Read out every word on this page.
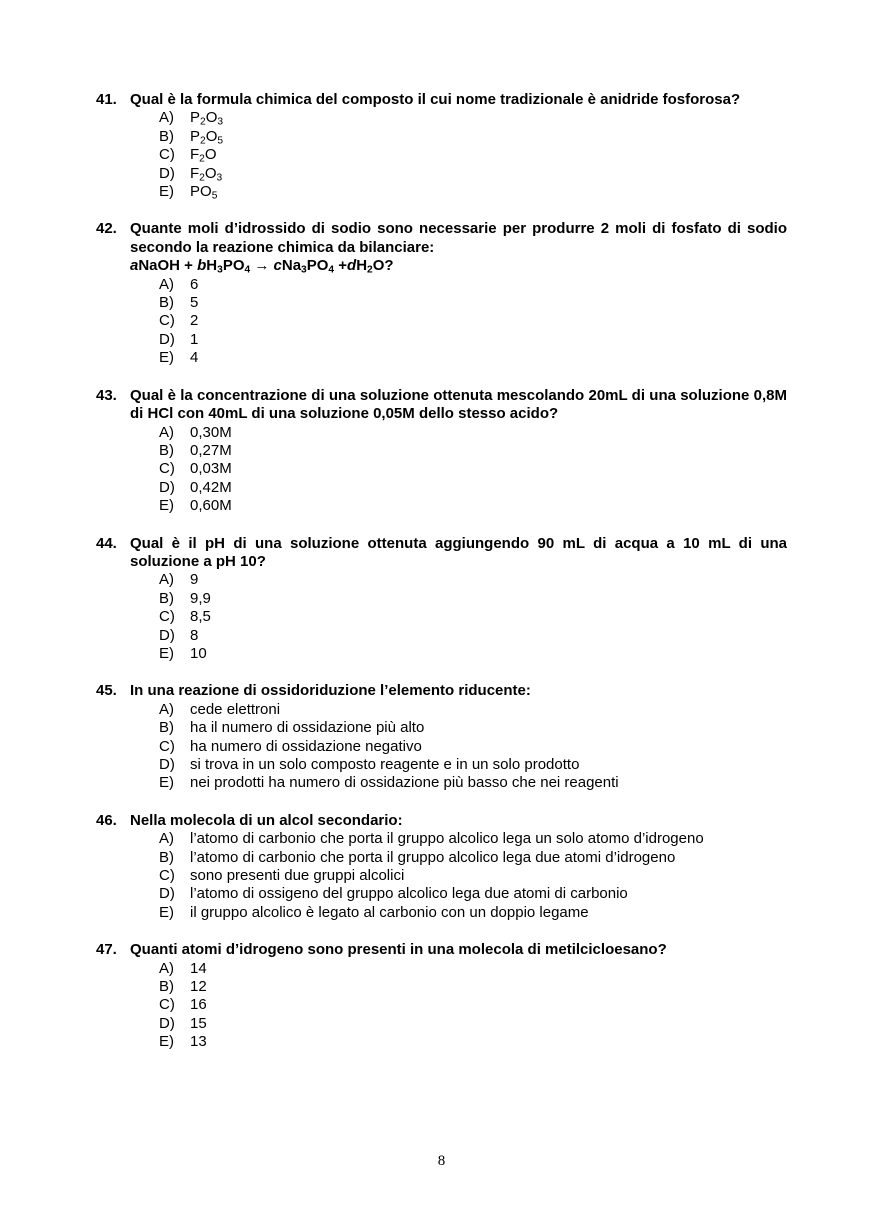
41. Qual è la formula chimica del composto il cui nome tradizionale è anidride fosforosa?

A)	$P_2O_3$
B)	$P_2O_5$
C)	$F_2O$
D)	$F_2O_3$
E)	$PO_5$
42. Quante moli d’idrossido di sodio sono necessarie per produrre 2 moli di fosfato di sodio secondo la reazione chimica da bilanciare:
aNaOH + $bH_3PO_4 \to cNa_3PO_4 +dH_2O$?

A)	6
B)	5
C)	2
D)	1
E)	4
43. Qual è la concentrazione di una soluzione ottenuta mescolando 20mL di una soluzione 0,8M di HCl con 40mL di una soluzione 0,05M dello stesso acido?

A)	0,30M
B)	0,27M
C)	0,03M
D)	0,42M
E)	0,60M
44. Qual è il pH di una soluzione ottenuta aggiungendo 90 mL di acqua a 10 mL di una soluzione a pH 10?

A)	9
B)	9,9
C)	8,5
D)	8
E)	10
45. In una reazione di ossidoriduzione l’elemento riducente:

A)	cede elettroni
B)	ha il numero di ossidazione più alto
C)	ha numero di ossidazione negativo
D)	si trova in un solo composto reagente e in un solo prodotto
E)	nei prodotti ha numero di ossidazione più basso che nei reagenti
46. Nella molecola di un alcol secondario:

A)	l’atomo di carbonio che porta il gruppo alcolico lega un solo atomo d’idrogeno
B)	l’atomo di carbonio che porta il gruppo alcolico lega due atomi d’idrogeno
C)	sono presenti due gruppi alcolici
D)	l’atomo di ossigeno del gruppo alcolico lega due atomi di carbonio
E)	il gruppo alcolico è legato al carbonio con un doppio legame
47. Quanti atomi d’idrogeno sono presenti in una molecola di metilcicloesano?

A)	14
B)	12
C)	16
D)	15
E)	13
8
